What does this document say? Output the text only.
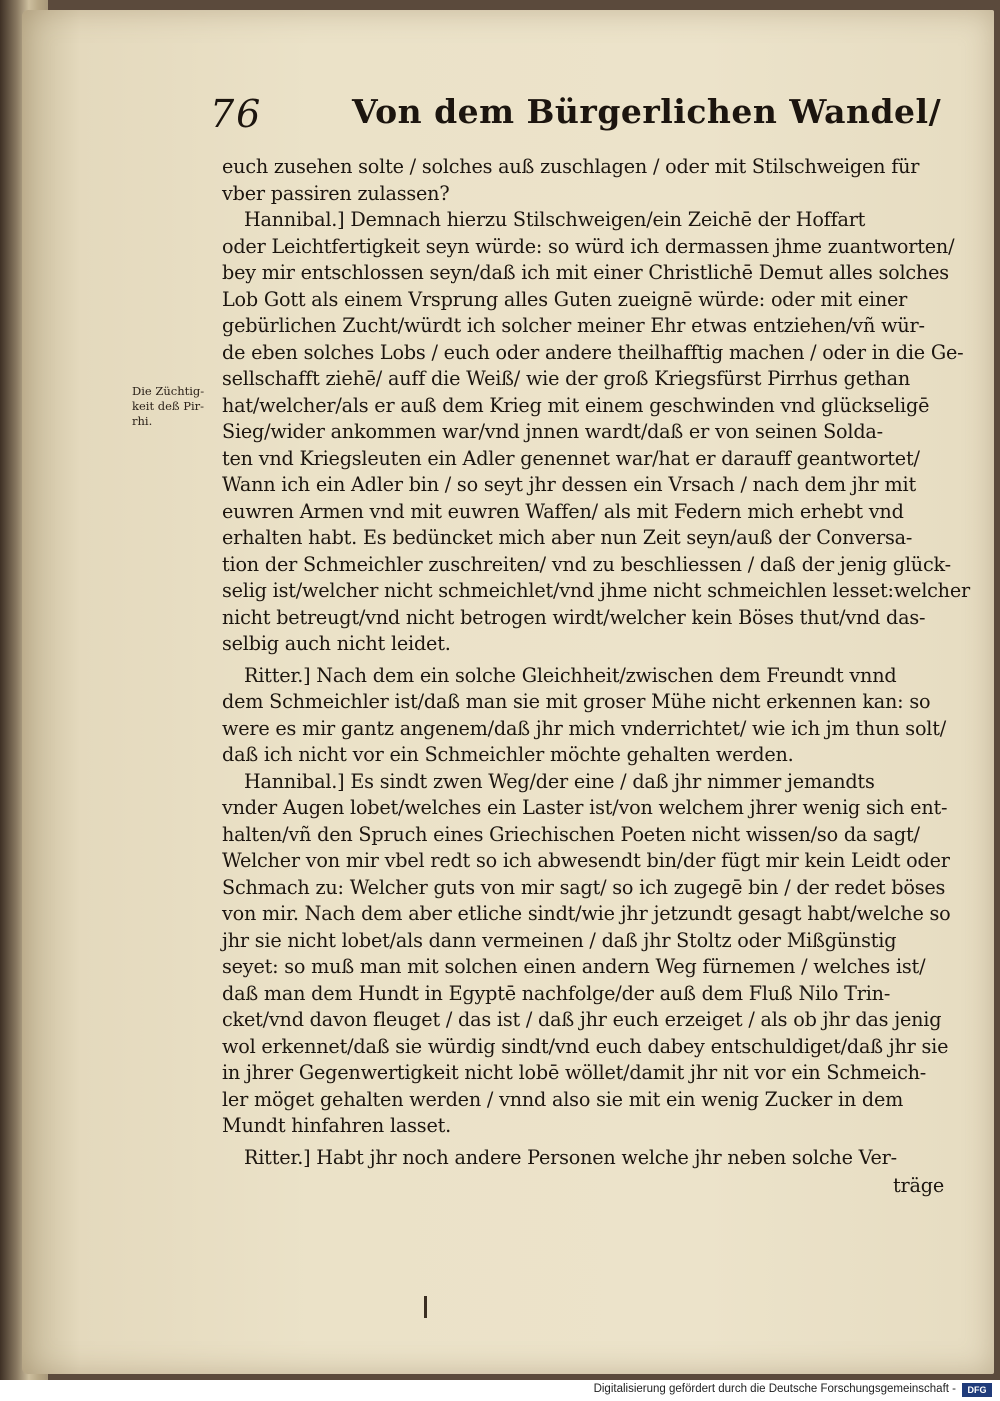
76	Von dem Bürgerlichen Wandel/
euch zusehen solte / solches auß zuschlagen / oder mit Stilschweigen für
vber passiren zulassen?
Hannibal.] Demnach hierzu Stilschweigen/ein Zeichē der Hoffart
oder Leichtfertigkeit seyn würde: so würd ich dermassen jhme zuantworten/
bey mir entschlossen seyn/daß ich mit einer Christlichē Demut alles solches
Lob Gott als einem Vrsprung alles Guten zueignē würde: oder mit einer
gebürlichen Zucht/würdt ich solcher meiner Ehr etwas entziehen/vñ wür-
de eben solches Lobs / euch oder andere theilhafftig machen / oder in die Ge-
sellschafft ziehē/ auff die Weiß/ wie der groß Kriegsfürst Pirrhus gethan
hat/welcher/als er auß dem Krieg mit einem geschwinden vnd glückseligē
Sieg/wider ankommen war/vnd jnnen wardt/daß er von seinen Solda-
ten vnd Kriegsleuten ein Adler genennet war/hat er darauff geantwortet/
Wann ich ein Adler bin / so seyt jhr dessen ein Vrsach / nach dem jhr mit
euwren Armen vnd mit euwren Waffen/ als mit Federn mich erhebt vnd
erhalten habt. Es bedüncket mich aber nun Zeit seyn/auß der Conversa-
tion der Schmeichler zuschreiten/ vnd zu beschliessen / daß der jenig glück-
selig ist/welcher nicht schmeichlet/vnd jhme nicht schmeichlen lesset:welcher
nicht betreugt/vnd nicht betrogen wirdt/welcher kein Böses thut/vnd das-
selbig auch nicht leidet.
Ritter.] Nach dem ein solche Gleichheit/zwischen dem Freundt vnnd
dem Schmeichler ist/daß man sie mit groser Mühe nicht erkennen kan: so
were es mir gantz angenem/daß jhr mich vnderrichtet/ wie ich jm thun solt/
daß ich nicht vor ein Schmeichler möchte gehalten werden.
Hannibal.] Es sindt zwen Weg/der eine / daß jhr nimmer jemandts
vnder Augen lobet/welches ein Laster ist/von welchem jhrer wenig sich ent-
halten/vñ den Spruch eines Griechischen Poeten nicht wissen/so da sagt/
Welcher von mir vbel redt so ich abwesendt bin/der fügt mir kein Leidt oder
Schmach zu: Welcher guts von mir sagt/ so ich zugegē bin / der redet böses
von mir. Nach dem aber etliche sindt/wie jhr jetzundt gesagt habt/welche so
jhr sie nicht lobet/als dann vermeinen / daß jhr Stoltz oder Mißgünstig
seyet: so muß man mit solchen einen andern Weg fürnemen / welches ist/
daß man dem Hundt in Egyptē nachfolge/der auß dem Fluß Nilo Trin-
cket/vnd davon fleuget / das ist / daß jhr euch erzeiget / als ob jhr das jenig
wol erkennet/daß sie würdig sindt/vnd euch dabey entschuldiget/daß jhr sie
in jhrer Gegenwertigkeit nicht lobē wöllet/damit jhr nit vor ein Schmeich-
ler möget gehalten werden / vnnd also sie mit ein wenig Zucker in dem
Mundt hinfahren lasset.
Ritter.] Habt jhr noch andere Personen welche jhr neben solche Ver-
träge
Die Züchtig-
keit deß Pir-
rhi.
Digitalisierung gefördert durch die Deutsche Forschungsgemeinschaft -	DFG
